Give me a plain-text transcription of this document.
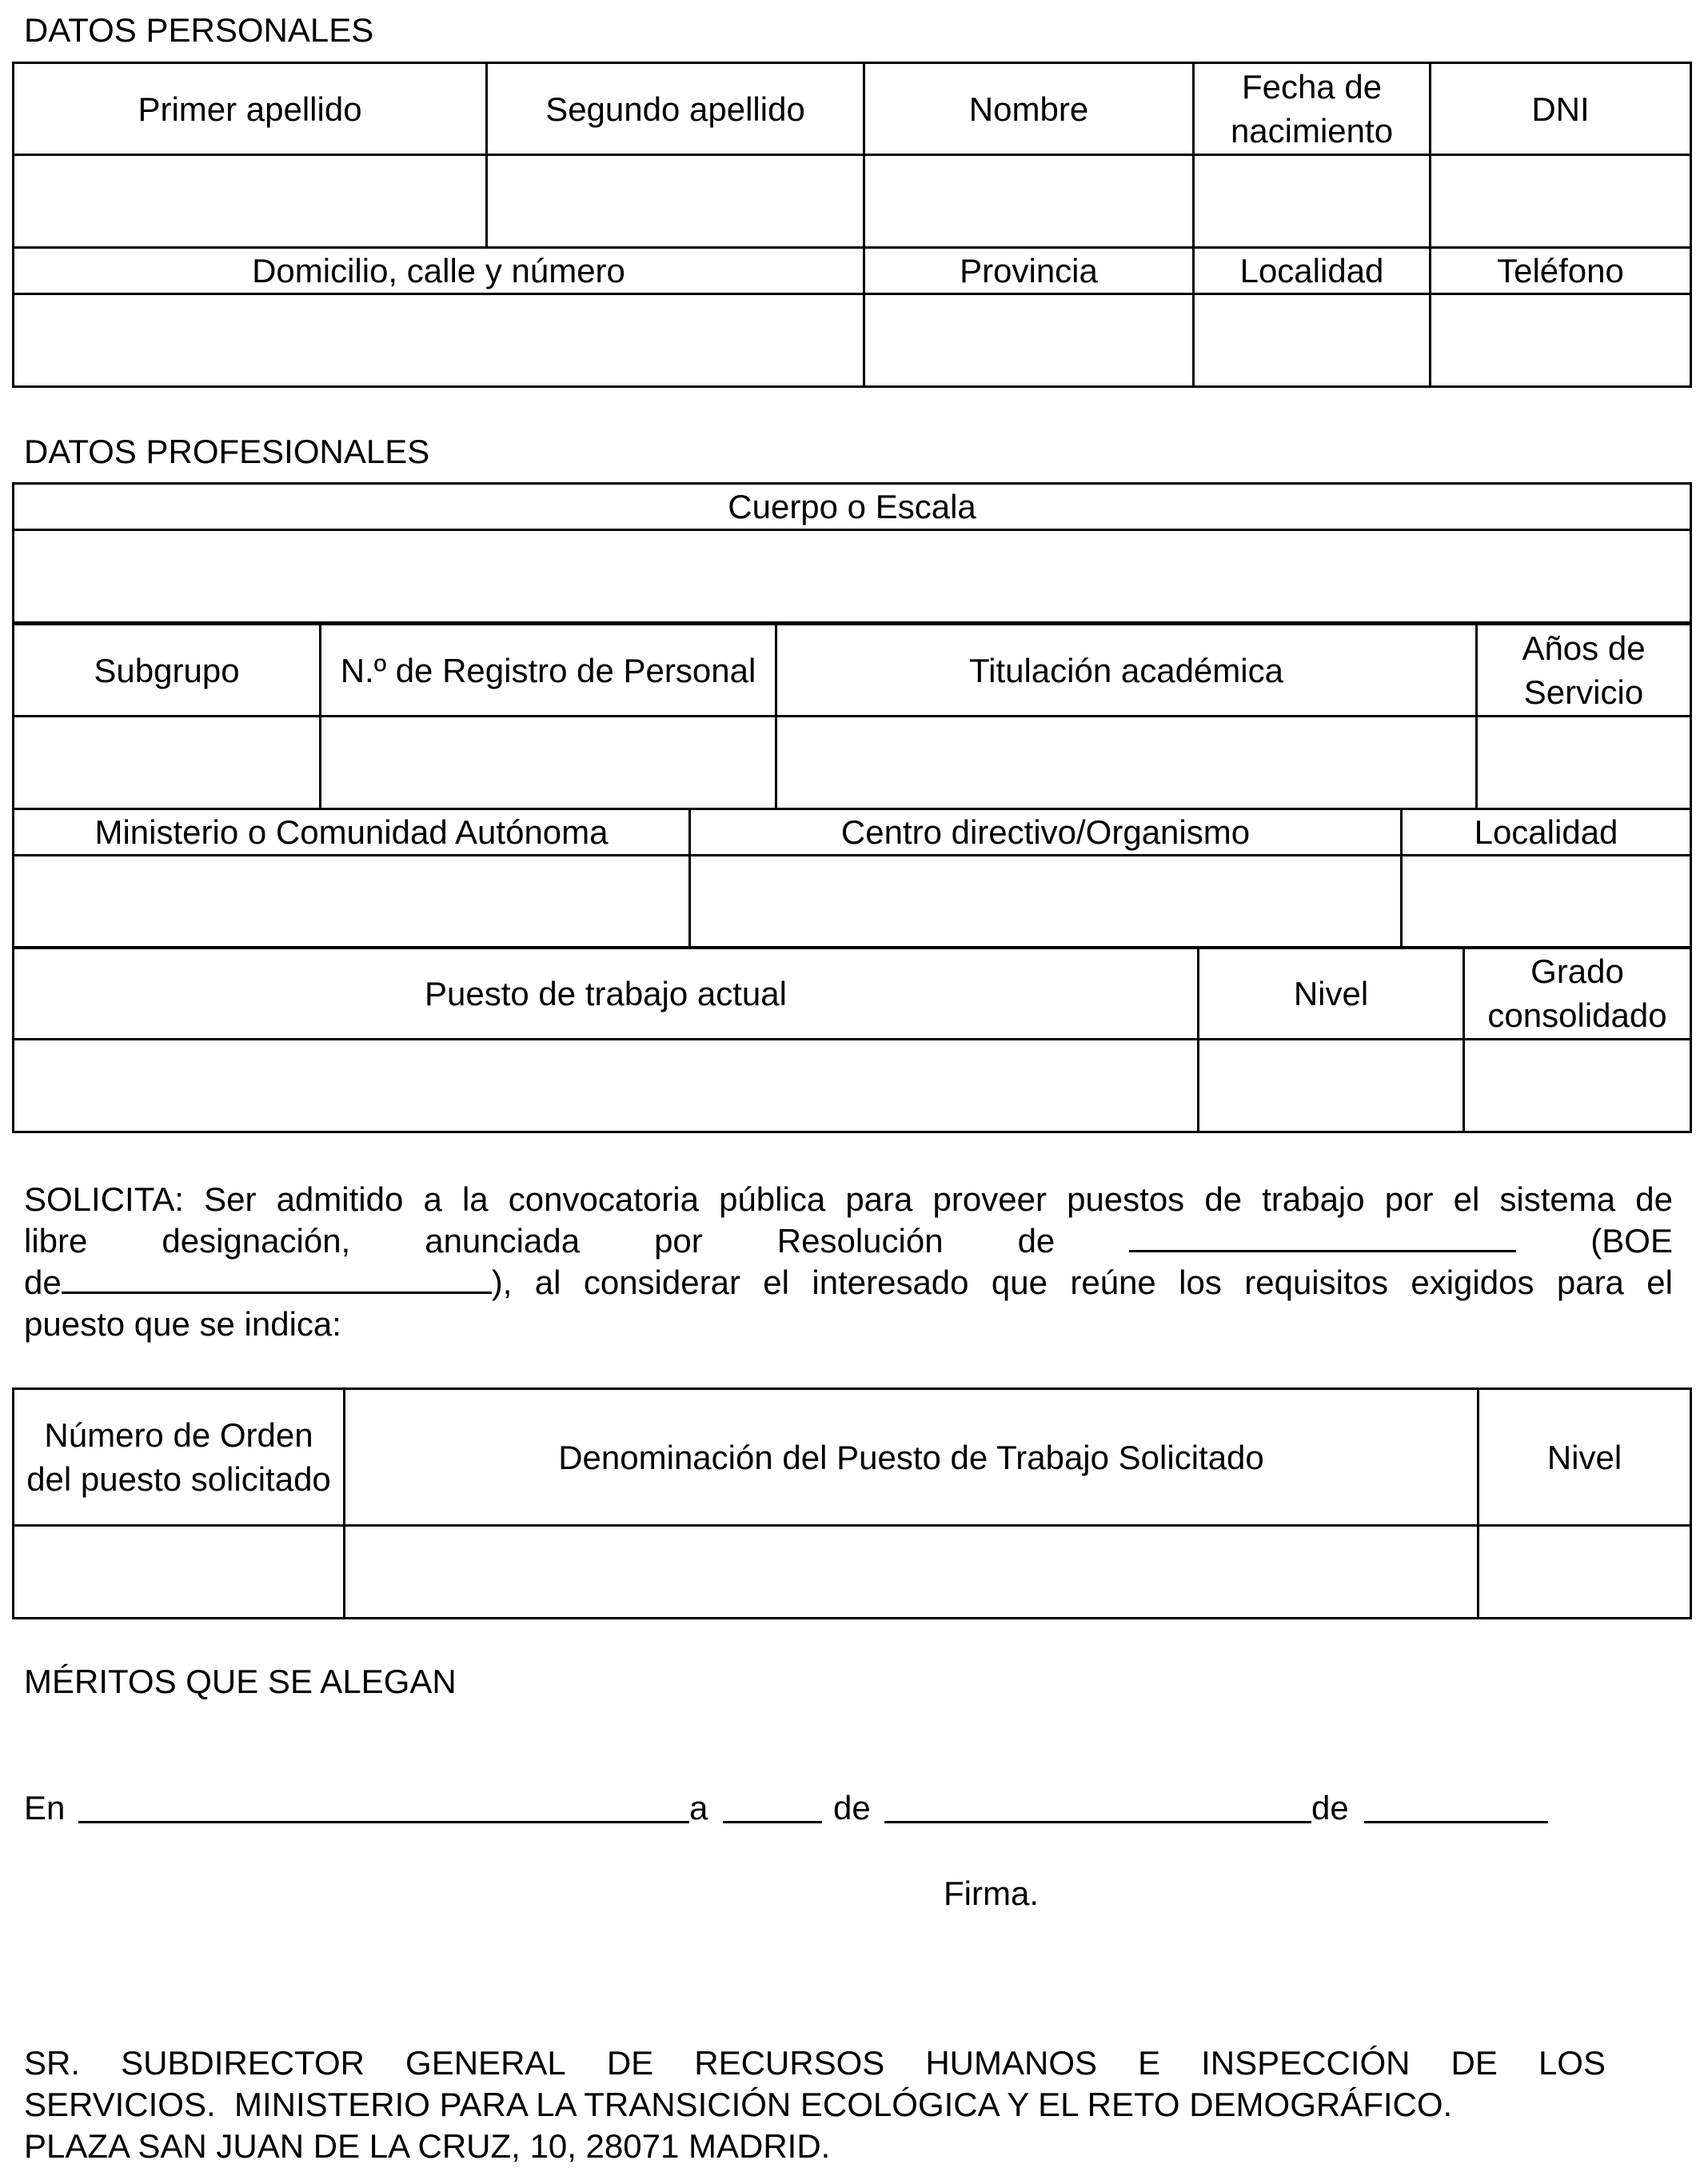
DATOS PERSONALES
Primer apellido	Segundo apellido	Nombre	Fecha de nacimiento	DNI

Domicilio, calle y número		Provincia	Localidad	Teléfono

DATOS PROFESIONALES
Cuerpo o Escala

Subgrupo	N.º de Registro de Personal	Titulación académica	Años de Servicio

Ministerio o Comunidad Autónoma	Centro directivo/Organismo	Localidad

Puesto de trabajo actual	Nivel	Grado consolidado

SOLICITA: Ser admitido a la convocatoria pública para proveer puestos de trabajo por el sistema de
libre designación, anunciada por Resolución de	(BOE
de	), al considerar el interesado que reúne los requisitos exigidos para el
puesto que se indica:
Número de Orden del puesto solicitado	Denominación del Puesto de Trabajo Solicitado	Nivel

MÉRITOS QUE SE ALEGAN
En	a	de	de
Firma.
SR. SUBDIRECTOR GENERAL DE RECURSOS HUMANOS E INSPECCIÓN DE LOS
SERVICIOS.  MINISTERIO PARA LA TRANSICIÓN ECOLÓGICA Y EL RETO DEMOGRÁFICO.
PLAZA SAN JUAN DE LA CRUZ, 10, 28071 MADRID.
